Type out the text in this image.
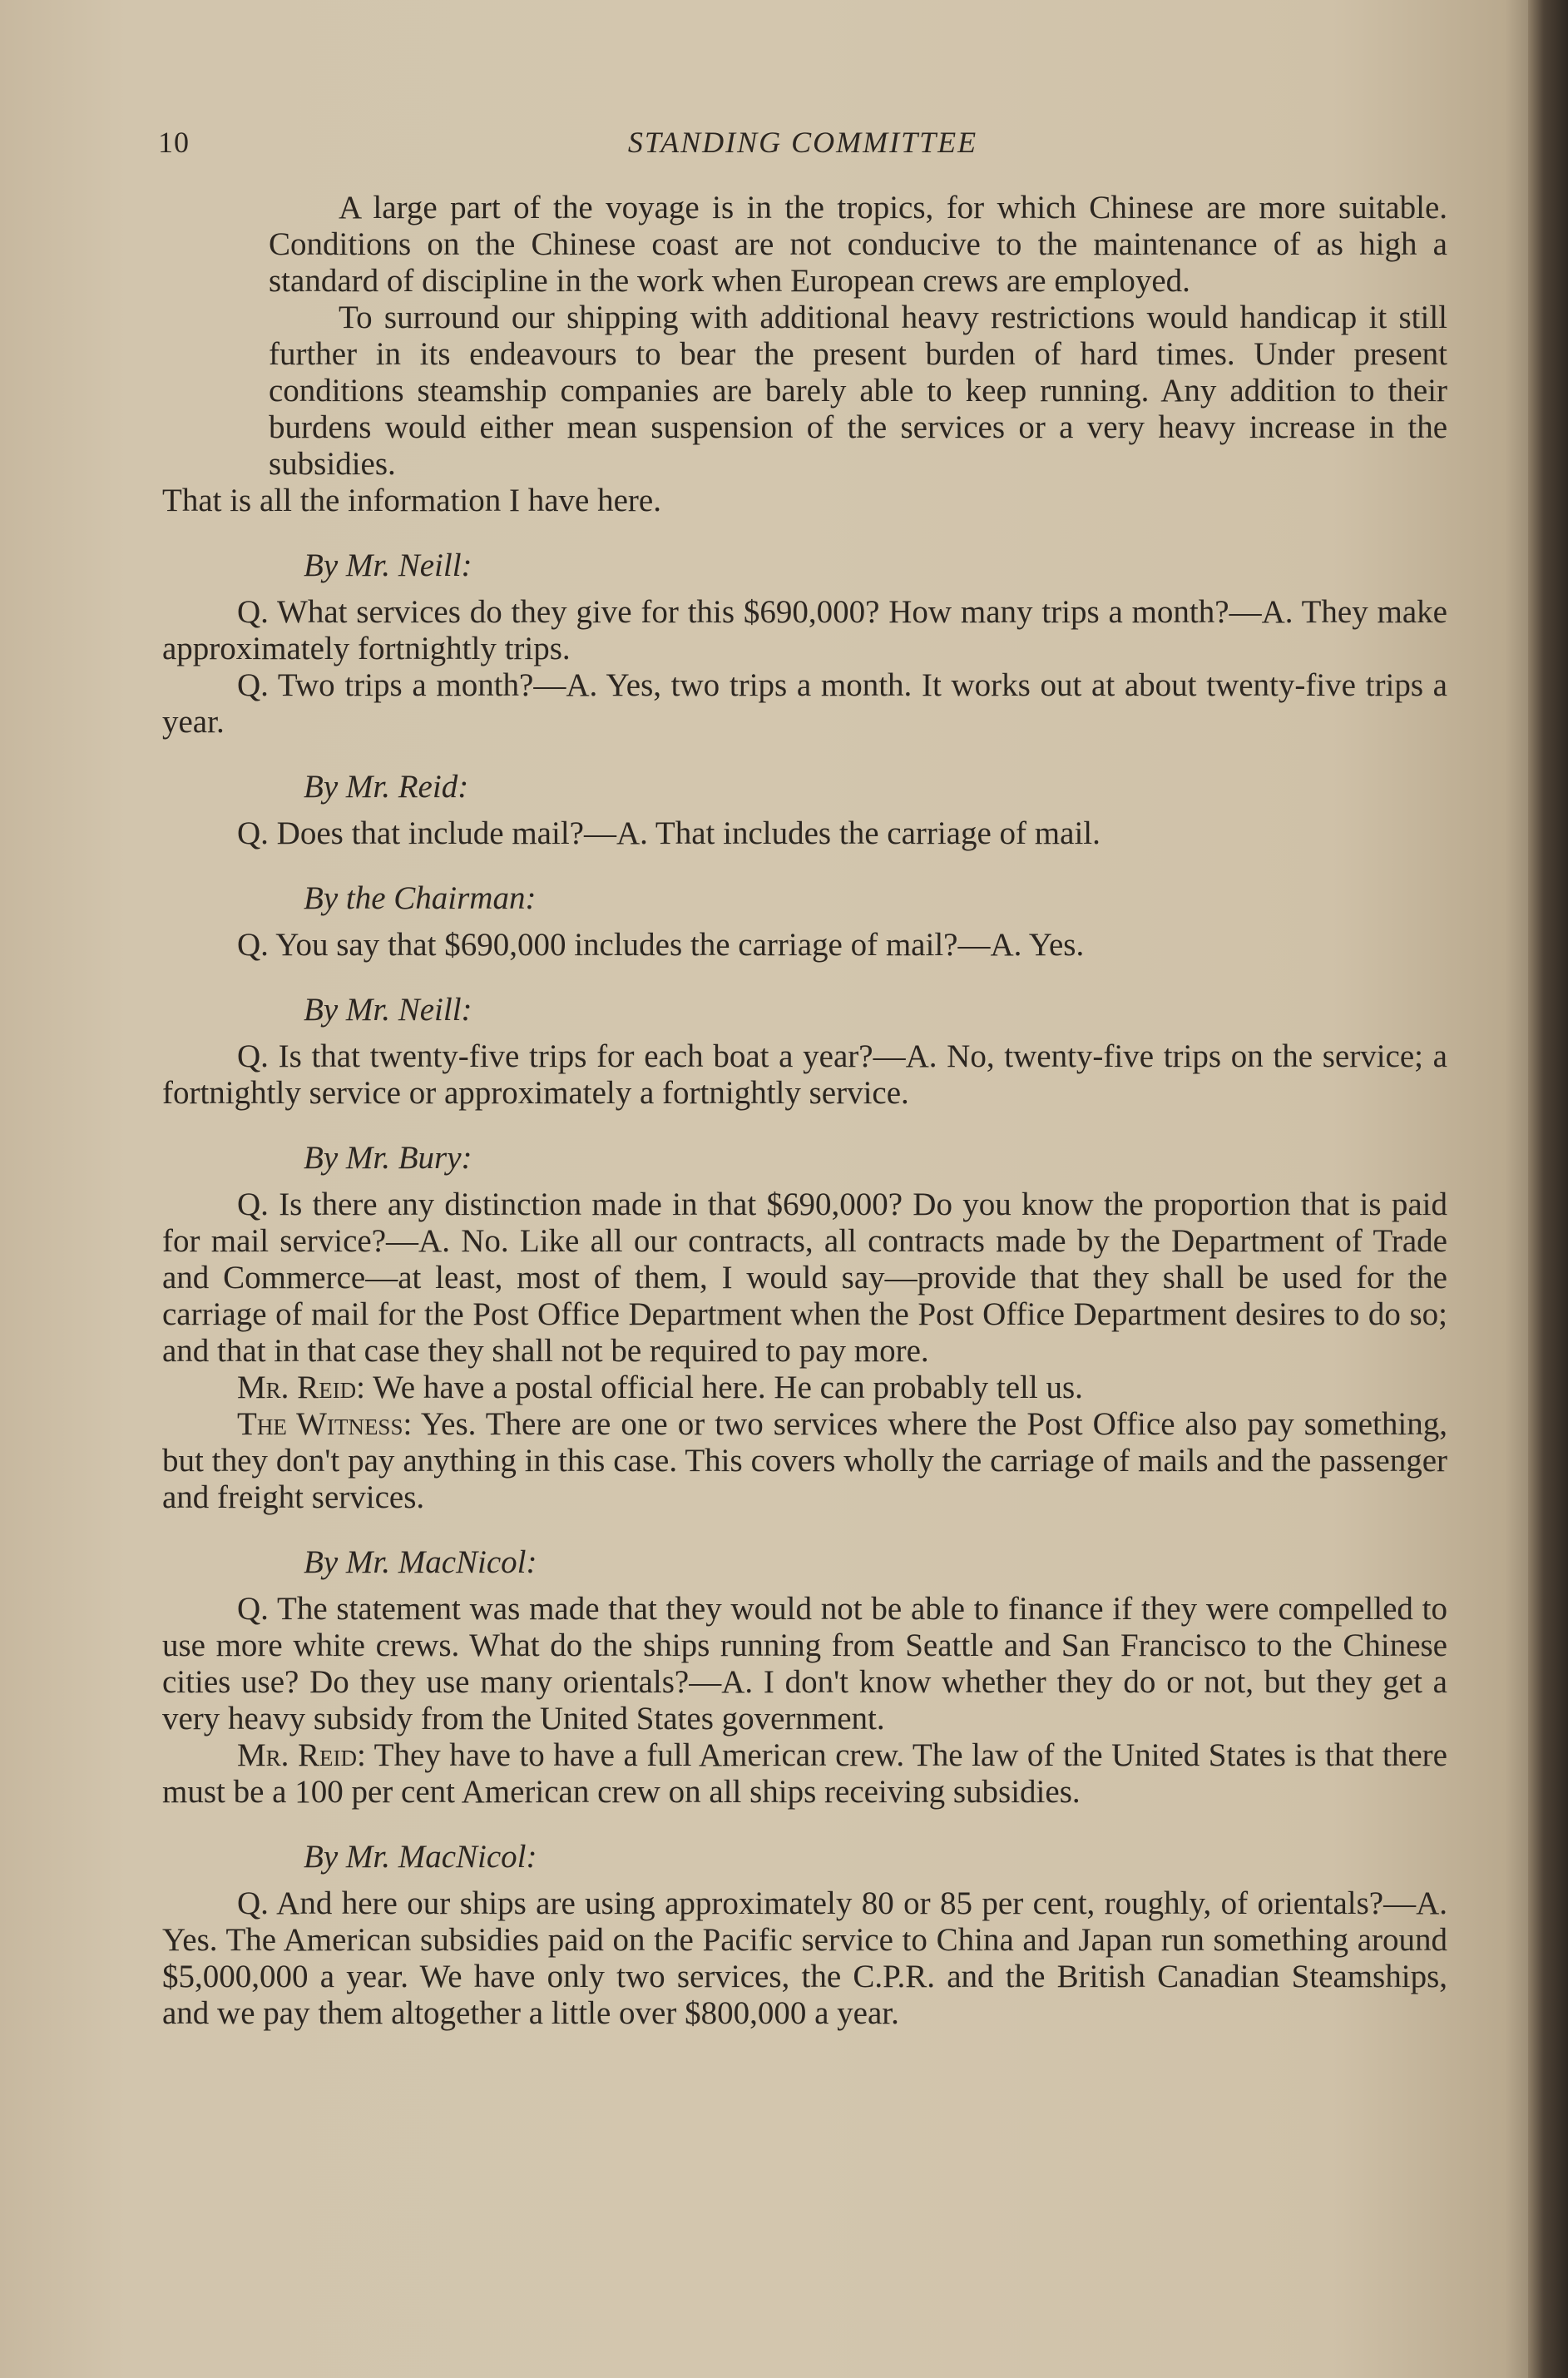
10	STANDING COMMITTEE

A large part of the voyage is in the tropics, for which Chinese are more suitable. Conditions on the Chinese coast are not conducive to the maintenance of as high a standard of discipline in the work when European crews are employed.

To surround our shipping with additional heavy restrictions would handicap it still further in its endeavours to bear the present burden of hard times. Under present conditions steamship companies are barely able to keep running. Any addition to their burdens would either mean suspension of the services or a very heavy increase in the subsidies.

That is all the information I have here.

By Mr. Neill:

Q. What services do they give for this $690,000? How many trips a month?—A. They make approximately fortnightly trips.

Q. Two trips a month?—A. Yes, two trips a month. It works out at about twenty-five trips a year.

By Mr. Reid:

Q. Does that include mail?—A. That includes the carriage of mail.

By the Chairman:

Q. You say that $690,000 includes the carriage of mail?—A. Yes.

By Mr. Neill:

Q. Is that twenty-five trips for each boat a year?—A. No, twenty-five trips on the service; a fortnightly service or approximately a fortnightly service.

By Mr. Bury:

Q. Is there any distinction made in that $690,000? Do you know the proportion that is paid for mail service?—A. No. Like all our contracts, all contracts made by the Department of Trade and Commerce—at least, most of them, I would say—provide that they shall be used for the carriage of mail for the Post Office Department when the Post Office Department desires to do so; and that in that case they shall not be required to pay more.

Mr. Reid: We have a postal official here. He can probably tell us.

The Witness: Yes. There are one or two services where the Post Office also pay something, but they don't pay anything in this case. This covers wholly the carriage of mails and the passenger and freight services.

By Mr. MacNicol:

Q. The statement was made that they would not be able to finance if they were compelled to use more white crews. What do the ships running from Seattle and San Francisco to the Chinese cities use? Do they use many orientals?—A. I don't know whether they do or not, but they get a very heavy subsidy from the United States government.

Mr. Reid: They have to have a full American crew. The law of the United States is that there must be a 100 per cent American crew on all ships receiving subsidies.

By Mr. MacNicol:

Q. And here our ships are using approximately 80 or 85 per cent, roughly, of orientals?—A. Yes. The American subsidies paid on the Pacific service to China and Japan run something around $5,000,000 a year. We have only two services, the C.P.R. and the British Canadian Steamships, and we pay them altogether a little over $800,000 a year.
